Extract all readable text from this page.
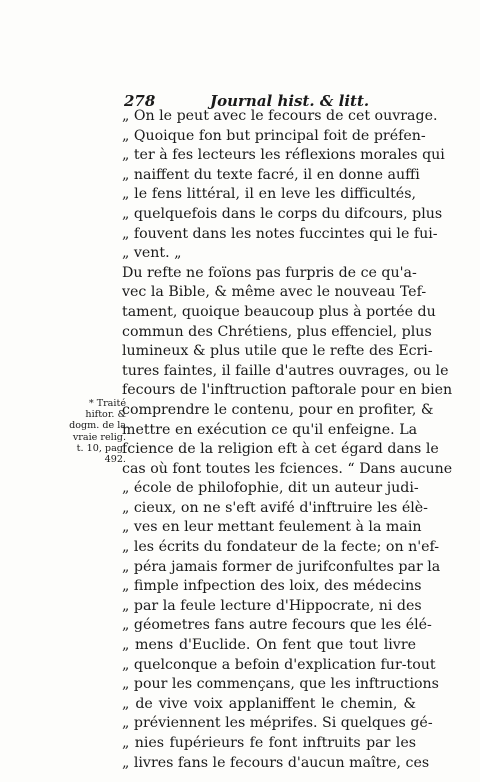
278	Journal hist. & litt.
„ On le peut avec le fecours de cet ouvrage.
„ Quoique fon but principal foit de préfen-
„ ter à fes lecteurs les réflexions morales qui
„ naiffent du texte facré, il en donne auffi
„ le fens littéral, il en leve les difficultés,
„ quelquefois dans le corps du difcours, plus
„ fouvent dans les notes fuccintes qui le fui-
„ vent. „
Du refte ne foïons pas furpris de ce qu'a-
vec la Bible, & même avec le nouveau Tef-
tament, quoique beaucoup plus à portée du
commun des Chrétiens, plus effenciel, plus
lumineux & plus utile que le refte des Ecri-
tures faintes, il faille d'autres ouvrages, ou le
fecours de l'inftruction paftorale pour en bien
comprendre le contenu, pour en profiter, &
mettre en exécution ce qu'il enfeigne. La
fcience de la religion eft à cet égard dans le
cas où font toutes les fciences. “ Dans aucune
„ école de philofophie, dit un auteur judi-
„ cieux, on ne s'eft avifé d'inftruire les élè-
„ ves en leur mettant feulement à la main
„ les écrits du fondateur de la fecte; on n'ef-
„ péra jamais former de jurifconfultes par la
„ fimple infpection des loix, des médecins
„ par la feule lecture d'Hippocrate, ni des
„ géometres fans autre fecours que les élé-
„ mens d'Euclide. On fent que tout livre
„ quelconque a befoin d'explication fur-tout
„ pour les commençans, que les inftructions
„ de vive voix applaniffent le chemin, &
„ préviennent les méprifes. Si quelques gé-
„ nies fupérieurs fe font inftruits par les
„ livres fans le fecours d'aucun maître, ces
* Traité
hiftor. &
dogm. de la
vraie relig.
t. 10, pag.
492.
